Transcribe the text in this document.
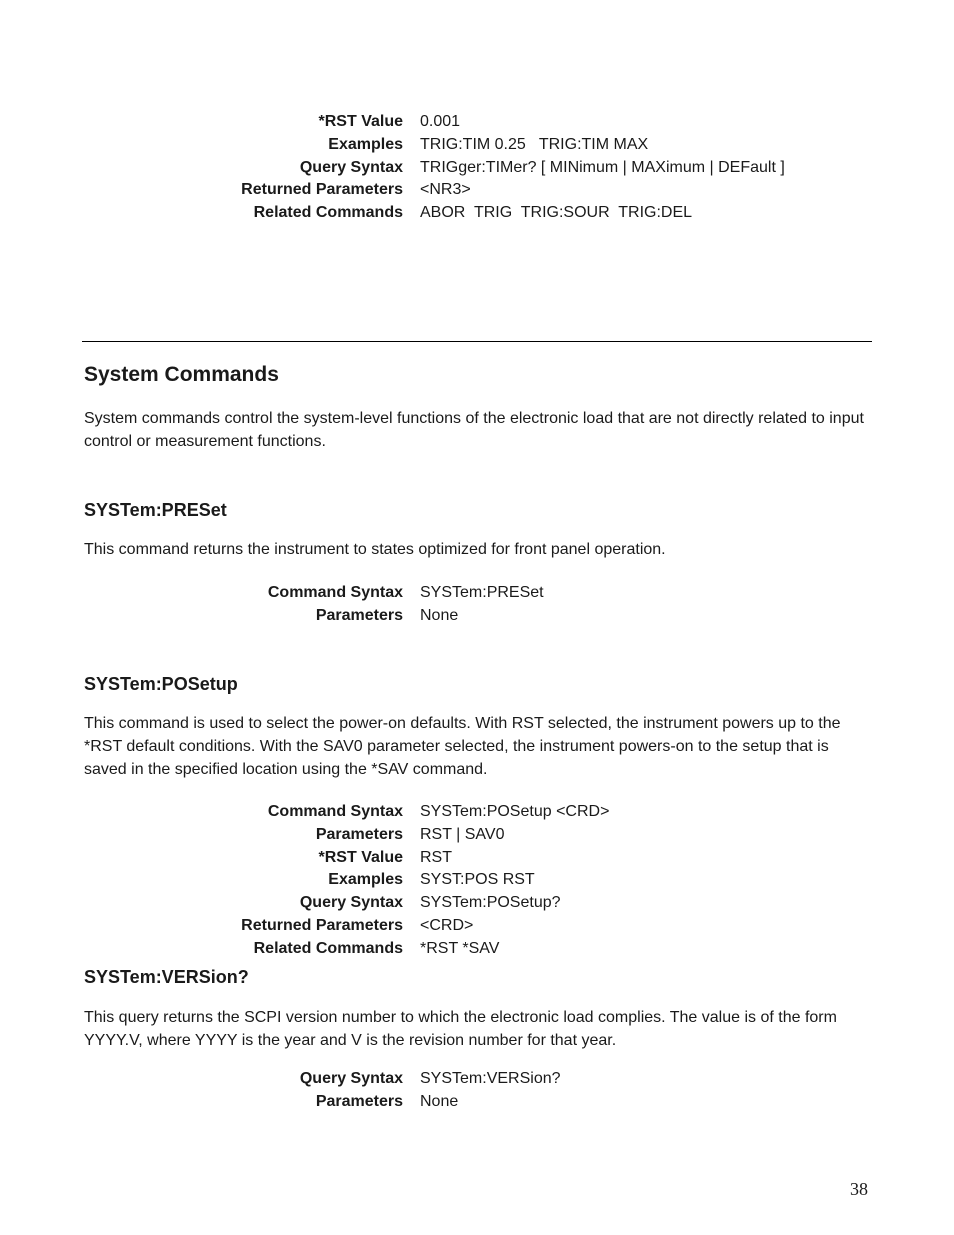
*RST Value 0.001
Examples TRIG:TIM 0.25   TRIG:TIM MAX
Query Syntax TRIGger:TIMer? [ MINimum | MAXimum | DEFault ]
Returned Parameters <NR3>
Related Commands ABOR  TRIG  TRIG:SOUR  TRIG:DEL
System Commands

System commands control the system-level functions of the electronic load that are not directly related to input control or measurement functions.

SYSTem:PRESet

This command returns the instrument to states optimized for front panel operation.

Command Syntax SYSTem:PRESet
Parameters None
SYSTem:POSetup

This command is used to select the power-on defaults. With RST selected, the instrument powers up to the *RST default conditions. With the SAV0 parameter selected, the instrument powers-on to the setup that is saved in the specified location using the *SAV command.

Command Syntax SYSTem:POSetup <CRD>
Parameters RST | SAV0
*RST Value RST
Examples SYST:POS RST
Query Syntax SYSTem:POSetup?
Returned Parameters <CRD>
Related Commands *RST *SAV
SYSTem:VERSion?

This query returns the SCPI version number to which the electronic load complies. The value is of the form YYYY.V, where YYYY is the year and V is the revision number for that year.

Query Syntax SYSTem:VERSion?
Parameters None
38
